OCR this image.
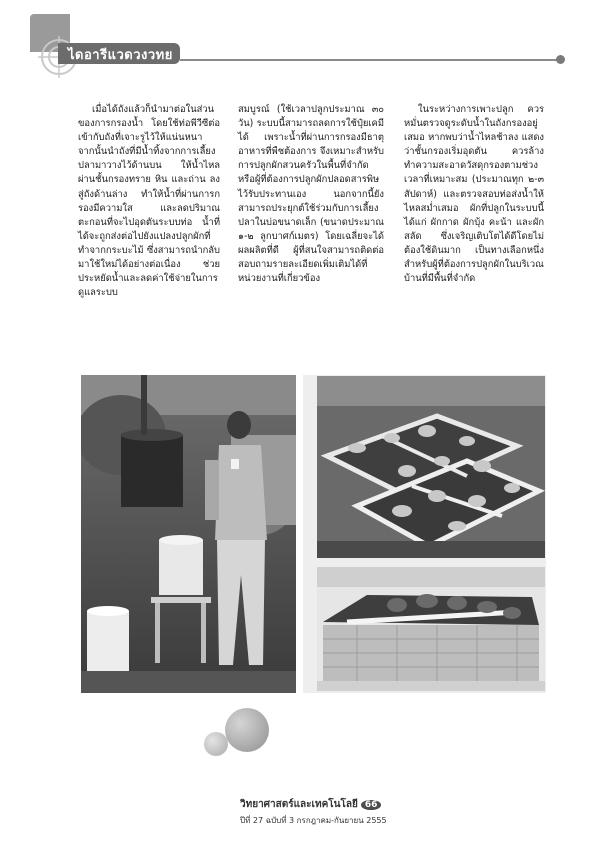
ไดอารีแวดวงวทย
เมื่อได้ถังแล้วก็นำมาต่อในส่วนของการกรองน้ำ โดยใช้ท่อพีวีซีต่อเข้ากับถังที่เจาะรูไว้ให้แน่นหนา จากนั้นนำถังที่มีน้ำทิ้งจากการเลี้ยงปลามาวางไว้ด้านบน ให้น้ำไหลผ่านชั้นกรองทราย หิน และถ่าน ลงสู่ถังด้านล่าง ทำให้น้ำที่ผ่านการกรองมีความใส และลดปริมาณตะกอนที่จะไปอุดตันระบบท่อ น้ำที่ได้จะถูกส่งต่อไปยังแปลงปลูกผักที่ทำจากกระบะไม้ ซึ่งสามารถนำกลับมาใช้ใหม่ได้อย่างต่อเนื่อง ช่วยประหยัดน้ำและลดค่าใช้จ่ายในการดูแลระบบ
สมบูรณ์ (ใช้เวลาปลูกประมาณ ๓๐ วัน) ระบบนี้สามารถลดการใช้ปุ๋ยเคมีได้ เพราะน้ำที่ผ่านการกรองมีธาตุอาหารที่พืชต้องการ จึงเหมาะสำหรับการปลูกผักสวนครัวในพื้นที่จำกัด หรือผู้ที่ต้องการปลูกผักปลอดสารพิษไว้รับประทานเอง นอกจากนี้ยังสามารถประยุกต์ใช้ร่วมกับการเลี้ยงปลาในบ่อขนาดเล็ก (ขนาดประมาณ ๑-๒ ลูกบาศก์เมตร) โดยเฉลี่ยจะได้ผลผลิตที่ดี ผู้ที่สนใจสามารถติดต่อสอบถามรายละเอียดเพิ่มเติมได้ที่หน่วยงานที่เกี่ยวข้อง
ในระหว่างการเพาะปลูก ควรหมั่นตรวจดูระดับน้ำในถังกรองอยู่เสมอ หากพบว่าน้ำไหลช้าลง แสดงว่าชั้นกรองเริ่มอุดตัน ควรล้างทำความสะอาดวัสดุกรองตามช่วงเวลาที่เหมาะสม (ประมาณทุก ๒-๓ สัปดาห์) และตรวจสอบท่อส่งน้ำให้ไหลสม่ำเสมอ ผักที่ปลูกในระบบนี้ ได้แก่ ผักกาด ผักบุ้ง คะน้า และผักสลัด ซึ่งเจริญเติบโตได้ดีโดยไม่ต้องใช้ดินมาก เป็นทางเลือกหนึ่งสำหรับผู้ที่ต้องการปลูกผักในบริเวณบ้านที่มีพื้นที่จำกัด
วิทยาศาสตร์และเทคโนโลยี 66
ปีที่ 27 ฉบับที่ 3 กรกฎาคม-กันยายน 2555
